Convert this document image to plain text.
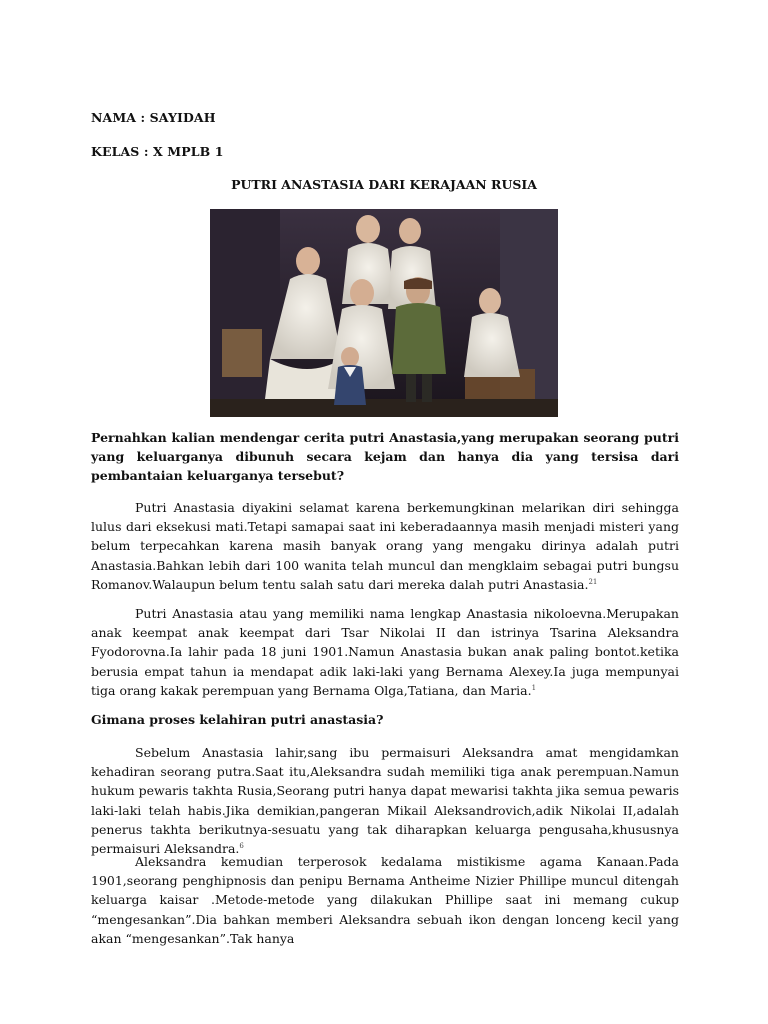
NAMA : SAYIDAH
KELAS : X MPLB 1
PUTRI ANASTASIA DARI KERAJAAN RUSIA

Pernahkan kalian mendengar cerita putri Anastasia,yang merupakan seorang putri yang keluarganya dibunuh secara kejam dan hanya dia yang tersisa dari pembantaian keluarganya tersebut?

Putri Anastasia diyakini selamat karena berkemungkinan melarikan diri sehingga lulus dari eksekusi mati.Tetapi samapai saat ini keberadaannya masih menjadi misteri yang belum terpecahkan karena masih banyak orang yang mengaku dirinya adalah putri Anastasia.Bahkan lebih dari 100 wanita telah muncul dan mengklaim sebagai putri bungsu Romanov.Walaupun belum tentu salah satu dari mereka dalah putri Anastasia.$^{21}$

Putri Anastasia atau yang memiliki nama lengkap Anastasia nikoloevna.Merupakan anak keempat anak keempat dari Tsar Nikolai II dan istrinya Tsarina Aleksandra Fyodorovna.Ia lahir pada 18 juni 1901.Namun Anastasia bukan anak paling bontot.ketika berusia empat tahun ia mendapat adik laki-laki yang Bernama Alexey.Ia juga mempunyai tiga orang kakak perempuan yang Bernama Olga,Tatiana, dan Maria.$^1$

Gimana proses kelahiran putri anastasia?

Sebelum Anastasia lahir,sang ibu permaisuri Aleksandra amat mengidamkan kehadiran seorang putra.Saat itu,Aleksandra sudah memiliki tiga anak perempuan.Namun hukum pewaris takhta Rusia,Seorang putri hanya dapat mewarisi takhta jika semua pewaris laki-laki telah habis.Jika demikian,pangeran Mikail Aleksandrovich,adik Nikolai II,adalah penerus takhta berikutnya-sesuatu yang tak diharapkan keluarga pengusaha,khususnya permaisuri Aleksandra.$^6$

Aleksandra kemudian terperosok kedalama mistikisme agama Kanaan.Pada 1901,seorang penghipnosis dan penipu Bernama Antheime Nizier Phillipe muncul ditengah keluarga kaisar .Metode-metode yang dilakukan Phillipe saat ini memang cukup “mengesankan”.Dia bahkan memberi Aleksandra sebuah ikon dengan lonceng kecil yang akan “mengesankan”.Tak hanya
